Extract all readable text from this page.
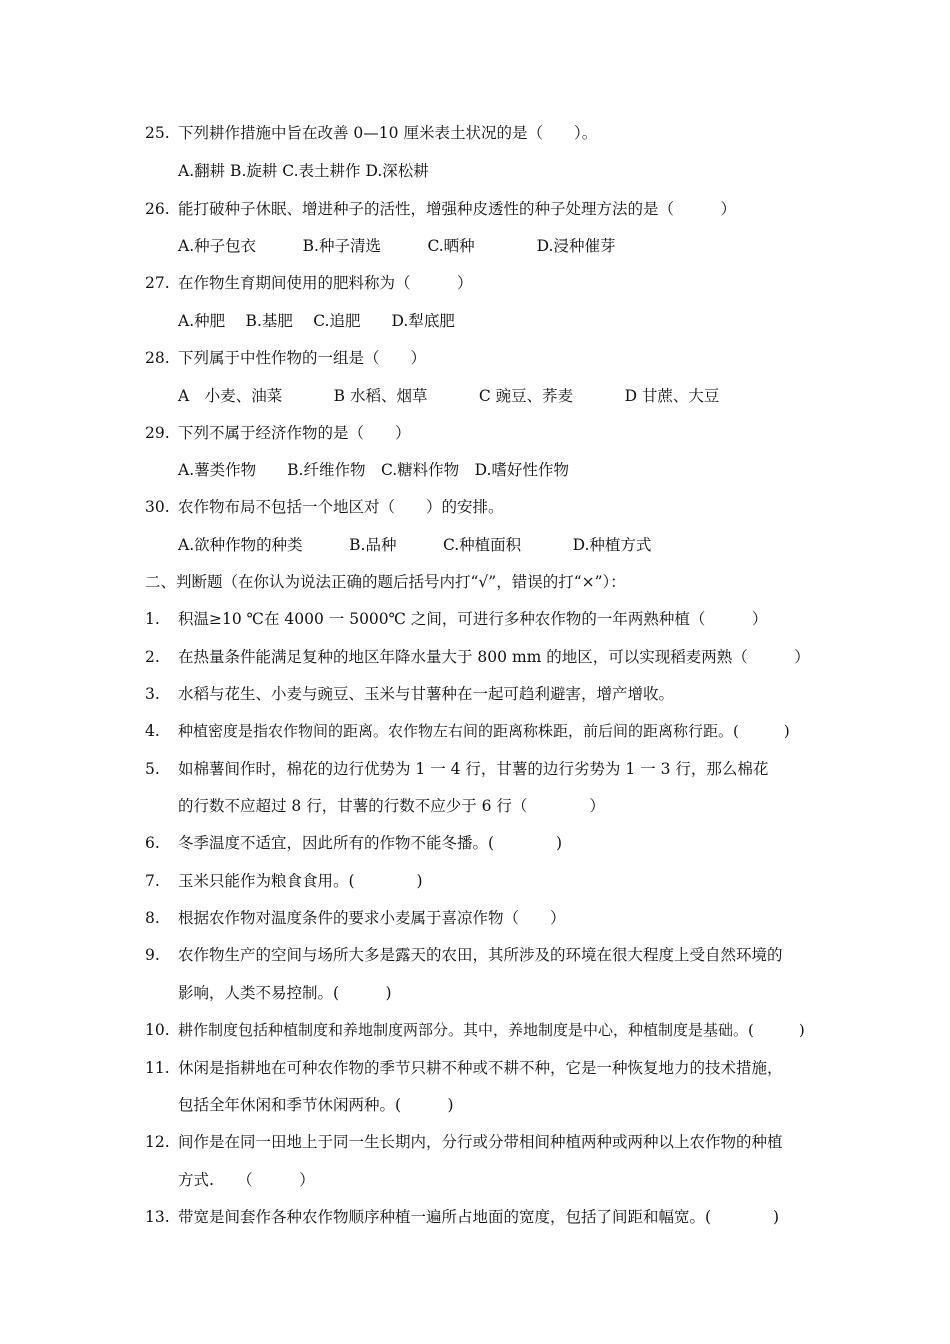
25. 下列耕作措施中旨在改善 0—10 厘米表土状况的是（　　）。
A.翻耕 B.旋耕 C.表土耕作 D.深松耕
26. 能打破种子休眠、增进种子的活性，增强种皮透性的种子处理方法的是（　　　）
A.种子包衣　　　B.种子清选　　　C.晒种　　　　D.浸种催芽
27. 在作物生育期间使用的肥料称为（　　　）
A.种肥　 B.基肥　 C.追肥　　D.犁底肥
28. 下列属于中性作物的一组是（　　）
A　小麦、油菜　　　 B 水稻、烟草　　　 C 豌豆、荞麦　　　 D 甘蔗、大豆
29. 下列不属于经济作物的是（　　）
A.薯类作物　　B.纤维作物　C.糖料作物　D.嗜好性作物
30. 农作物布局不包括一个地区对（　　）的安排。
A.欲种作物的种类　　　B.品种　　　C.种植面积　　　 D.种植方式
二、判断题（在你认为说法正确的题后括号内打“√”，错误的打“×”）：
1. 积温≥10 ℃在 4000 一 5000℃ 之间，可进行多种农作物的一年两熟种植（　　　）
2. 在热量条件能满足复种的地区年降水量大于 800 mm 的地区，可以实现稻麦两熟（　　　）
3. 水稻与花生、小麦与豌豆、玉米与甘薯种在一起可趋利避害，增产增收。
4. 种植密度是指农作物间的距离。农作物左右间的距离称株距，前后间的距离称行距。(　　　)
5. 如棉薯间作时，棉花的边行优势为 1 一 4 行，甘薯的边行劣势为 1 一 3 行，那么棉花
的行数不应超过 8 行，甘薯的行数不应少于 6 行（　　　　）
6. 冬季温度不适宜，因此所有的作物不能冬播。(　　　　)
7. 玉米只能作为粮食食用。(　　　　)
8. 根据农作物对温度条件的要求小麦属于喜凉作物（　　）
9. 农作物生产的空间与场所大多是露天的农田，其所涉及的环境在很大程度上受自然环境的
影响，人类不易控制。(　　　)
10. 耕作制度包括种植制度和养地制度两部分。其中，养地制度是中心，种植制度是基础。(　　　)
11. 休闲是指耕地在可种农作物的季节只耕不种或不耕不种，它是一种恢复地力的技术措施，
包括全年休闲和季节休闲两种。(　　　)
12. 间作是在同一田地上于同一生长期内，分行或分带相间种植两种或两种以上农作物的种植
方式.　　（　　　）
13. 带宽是间套作各种农作物顺序种植一遍所占地面的宽度，包括了间距和幅宽。(　　　　)
